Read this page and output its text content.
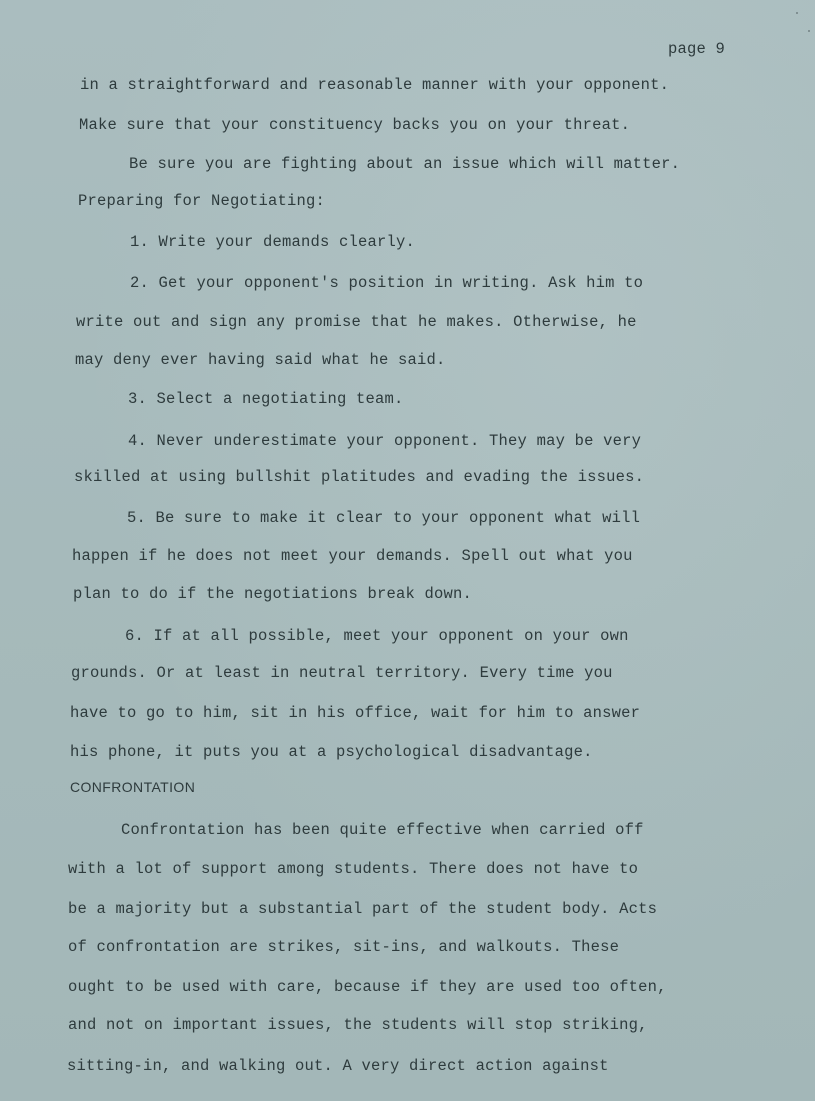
page 9
in a straightforward and reasonable manner with your opponent.
Make sure that your constituency backs you on your threat.
Be sure you are fighting about an issue which will matter.
Preparing for Negotiating:
1. Write your demands clearly.
2. Get your opponent's position in writing. Ask him to
write out and sign any promise that he makes. Otherwise, he
may deny ever having said what he said.
3. Select a negotiating team.
4. Never underestimate your opponent. They may be very
skilled at using bullshit platitudes and evading the issues.
5. Be sure to make it clear to your opponent what will
happen if he does not meet your demands. Spell out what you
plan to do if the negotiations break down.
6. If at all possible, meet your opponent on your own
grounds. Or at least in neutral territory. Every time you
have to go to him, sit in his office, wait for him to answer
his phone, it puts you at a psychological disadvantage.
CONFRONTATION
Confrontation has been quite effective when carried off
with a lot of support among students. There does not have to
be a majority but a substantial part of the student body. Acts
of confrontation are strikes, sit-ins, and walkouts. These
ought to be used with care, because if they are used too often,
and not on important issues, the students will stop striking,
sitting-in, and walking out. A very direct action against
